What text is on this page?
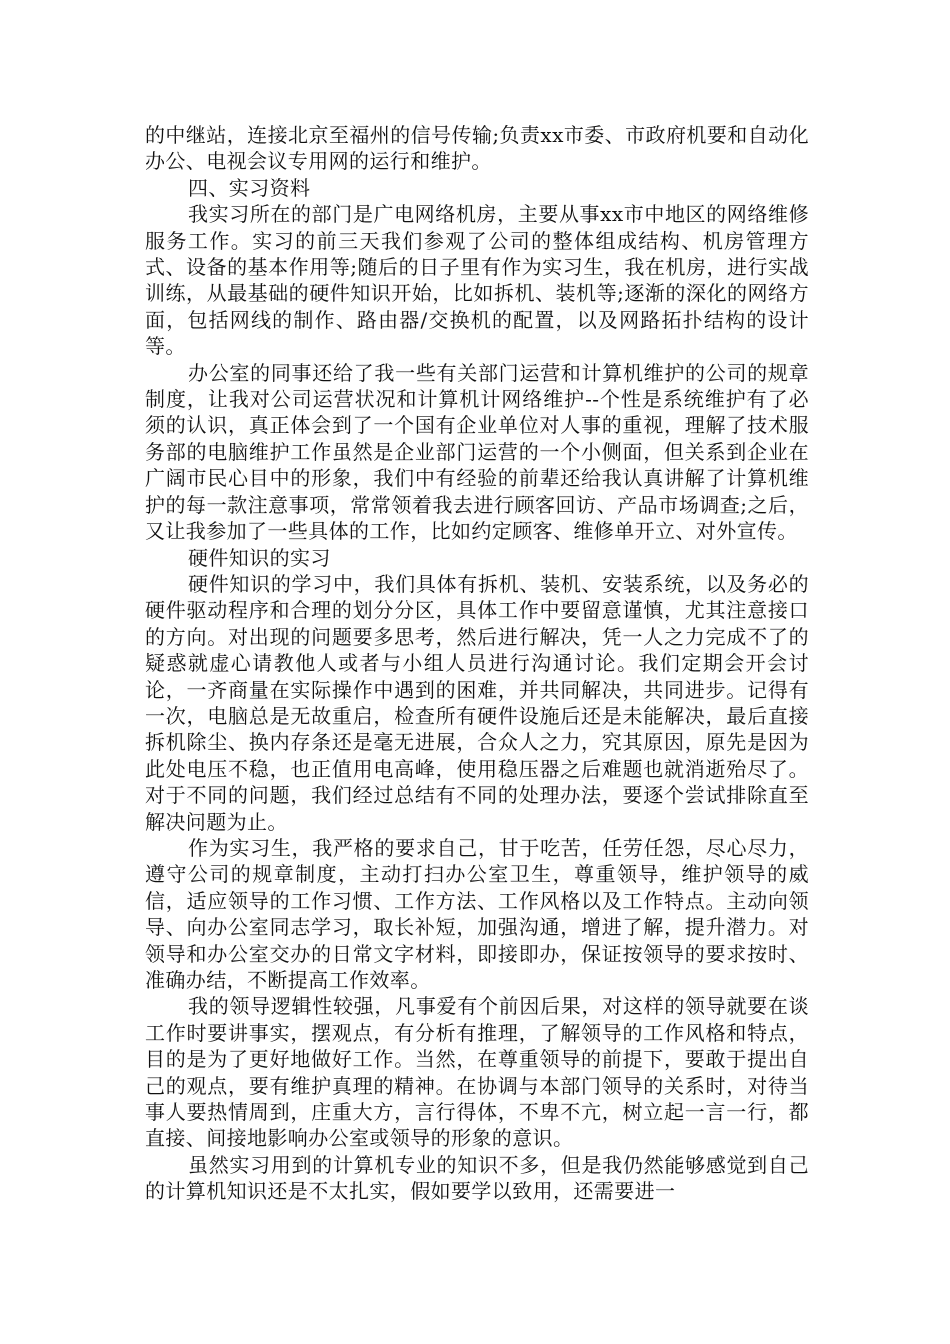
的中继站，连接北京至福州的信号传输;负责xx市委、市政府机要和自动化办公、电视会议专用网的运行和维护。

四、实习资料

我实习所在的部门是广电网络机房，主要从事xx市中地区的网络维修服务工作。实习的前三天我们参观了公司的整体组成结构、机房管理方式、设备的基本作用等;随后的日子里有作为实习生，我在机房，进行实战训练，从最基础的硬件知识开始，比如拆机、装机等;逐渐的深化的网络方面，包括网线的制作、路由器/交换机的配置，以及网路拓扑结构的设计等。

办公室的同事还给了我一些有关部门运营和计算机维护的公司的规章制度，让我对公司运营状况和计算机计网络维护--个性是系统维护有了必须的认识，真正体会到了一个国有企业单位对人事的重视，理解了技术服务部的电脑维护工作虽然是企业部门运营的一个小侧面，但关系到企业在广阔市民心目中的形象，我们中有经验的前辈还给我认真讲解了计算机维护的每一款注意事项，常常领着我去进行顾客回访、产品市场调查;之后，又让我参加了一些具体的工作，比如约定顾客、维修单开立、对外宣传。

硬件知识的实习

硬件知识的学习中，我们具体有拆机、装机、安装系统，以及务必的硬件驱动程序和合理的划分分区，具体工作中要留意谨慎，尤其注意接口的方向。对出现的问题要多思考，然后进行解决，凭一人之力完成不了的疑惑就虚心请教他人或者与小组人员进行沟通讨论。我们定期会开会讨论，一齐商量在实际操作中遇到的困难，并共同解决，共同进步。记得有一次，电脑总是无故重启，检查所有硬件设施后还是未能解决，最后直接拆机除尘、换内存条还是毫无进展，合众人之力，究其原因，原先是因为此处电压不稳，也正值用电高峰，使用稳压器之后难题也就消逝殆尽了。对于不同的问题，我们经过总结有不同的处理办法，要逐个尝试排除直至解决问题为止。

作为实习生，我严格的要求自己，甘于吃苦，任劳任怨，尽心尽力，遵守公司的规章制度，主动打扫办公室卫生，尊重领导，维护领导的威信，适应领导的工作习惯、工作方法、工作风格以及工作特点。主动向领导、向办公室同志学习，取长补短，加强沟通，增进了解，提升潜力。对领导和办公室交办的日常文字材料，即接即办，保证按领导的要求按时、准确办结，不断提高工作效率。

我的领导逻辑性较强，凡事爱有个前因后果，对这样的领导就要在谈工作时要讲事实，摆观点，有分析有推理，了解领导的工作风格和特点，目的是为了更好地做好工作。当然，在尊重领导的前提下，要敢于提出自己的观点，要有维护真理的精神。在协调与本部门领导的关系时，对待当事人要热情周到，庄重大方，言行得体，不卑不亢，树立起一言一行，都直接、间接地影响办公室或领导的形象的意识。

虽然实习用到的计算机专业的知识不多，但是我仍然能够感觉到自己的计算机知识还是不太扎实，假如要学以致用，还需要进一
